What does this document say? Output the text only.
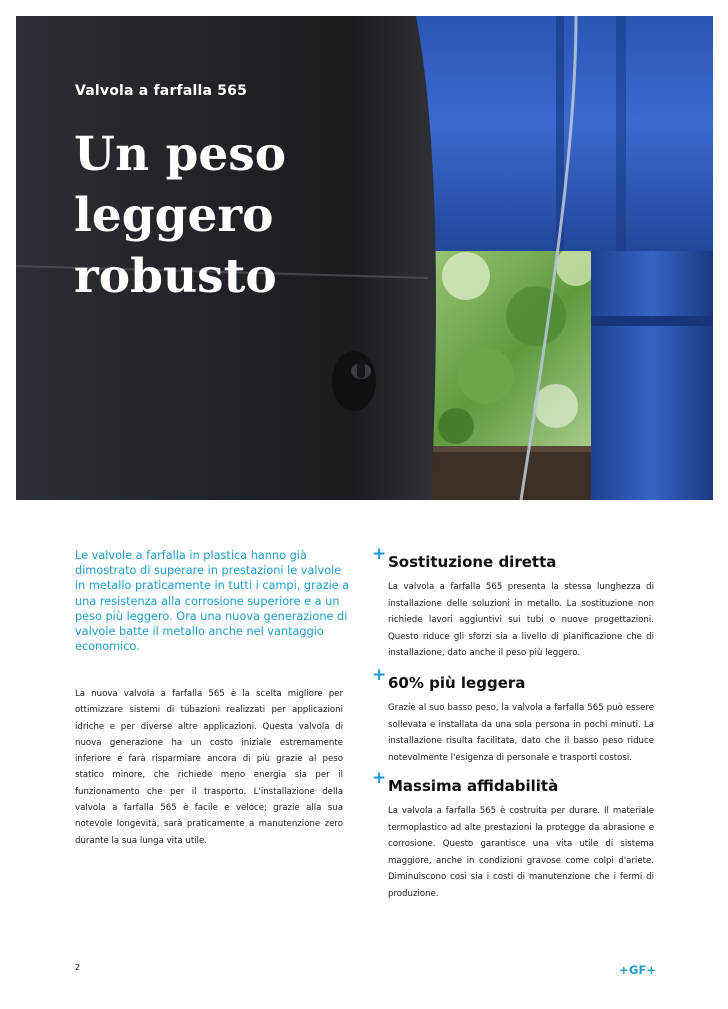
Valvola a farfalla 565
Un peso leggero robusto

Le valvole a farfalla in plastica hanno già dimostrato di superare in prestazioni le valvole in metallo praticamente in tutti i campi, grazie a una resistenza alla corrosione superiore e a un peso più leggero. Ora una nuova generazione di valvole batte il metallo anche nel vantaggio economico.

La nuova valvola a farfalla 565 è la scelta migliore per ottimizzare sistemi di tubazioni realizzati per applicazioni idriche e per diverse altre applicazioni. Questa valvola di nuova generazione ha un costo iniziale estremamente inferiore e farà risparmiare ancora di più grazie al peso statico minore, che richiede meno energia sia per il funzionamento che per il trasporto. L'installazione della valvola a farfalla 565 è facile e veloce; grazie alla sua notevole longevità, sarà praticamente a manutenzione zero durante la sua lunga vita utile.

+ Sostituzione diretta

La valvola a farfalla 565 presenta la stessa lunghezza di installazione delle soluzioni in metallo. La sostituzione non richiede lavori aggiuntivi sui tubi o nuove progettazioni. Questo riduce gli sforzi sia a livello di pianificazione che di installazione, dato anche il peso più leggero.

+ 60% più leggera

Grazie al suo basso peso, la valvola a farfalla 565 può essere sollevata e installata da una sola persona in pochi minuti. La installazione risulta facilitata, dato che il basso peso riduce notevolmente l'esigenza di personale e trasporti costosi.

+ Massima affidabilità

La valvola a farfalla 565 è costruita per durare. Il materiale termoplastico ad alte prestazioni la protegge da abrasione e corrosione. Questo garantisce una vita utile di sistema maggiore, anche in condizioni gravose come colpi d'ariete. Diminuiscono così sia i costi di manutenzione che i fermi di produzione.

2	+GF+
